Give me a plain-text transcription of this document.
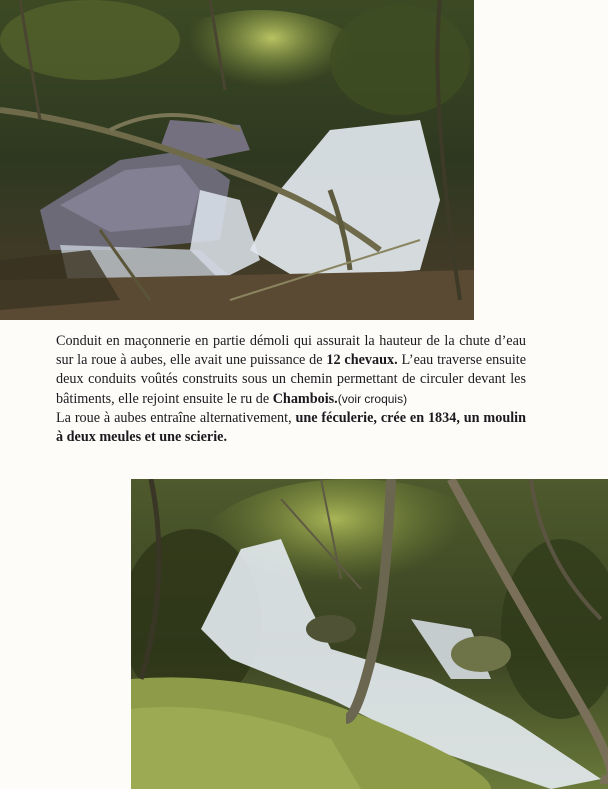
Conduit en maçonnerie en partie démoli qui assurait la hauteur de la chute d’eau sur la roue à aubes, elle avait une puissance de 12 chevaux. L’eau traverse ensuite deux conduits voûtés construits sous un chemin permettant de circuler devant les bâtiments, elle rejoint ensuite le ru de Chambois.(voir croquis)

La roue à aubes entraîne alternativement, une féculerie, crée en 1834, un moulin à deux meules et une scierie.
